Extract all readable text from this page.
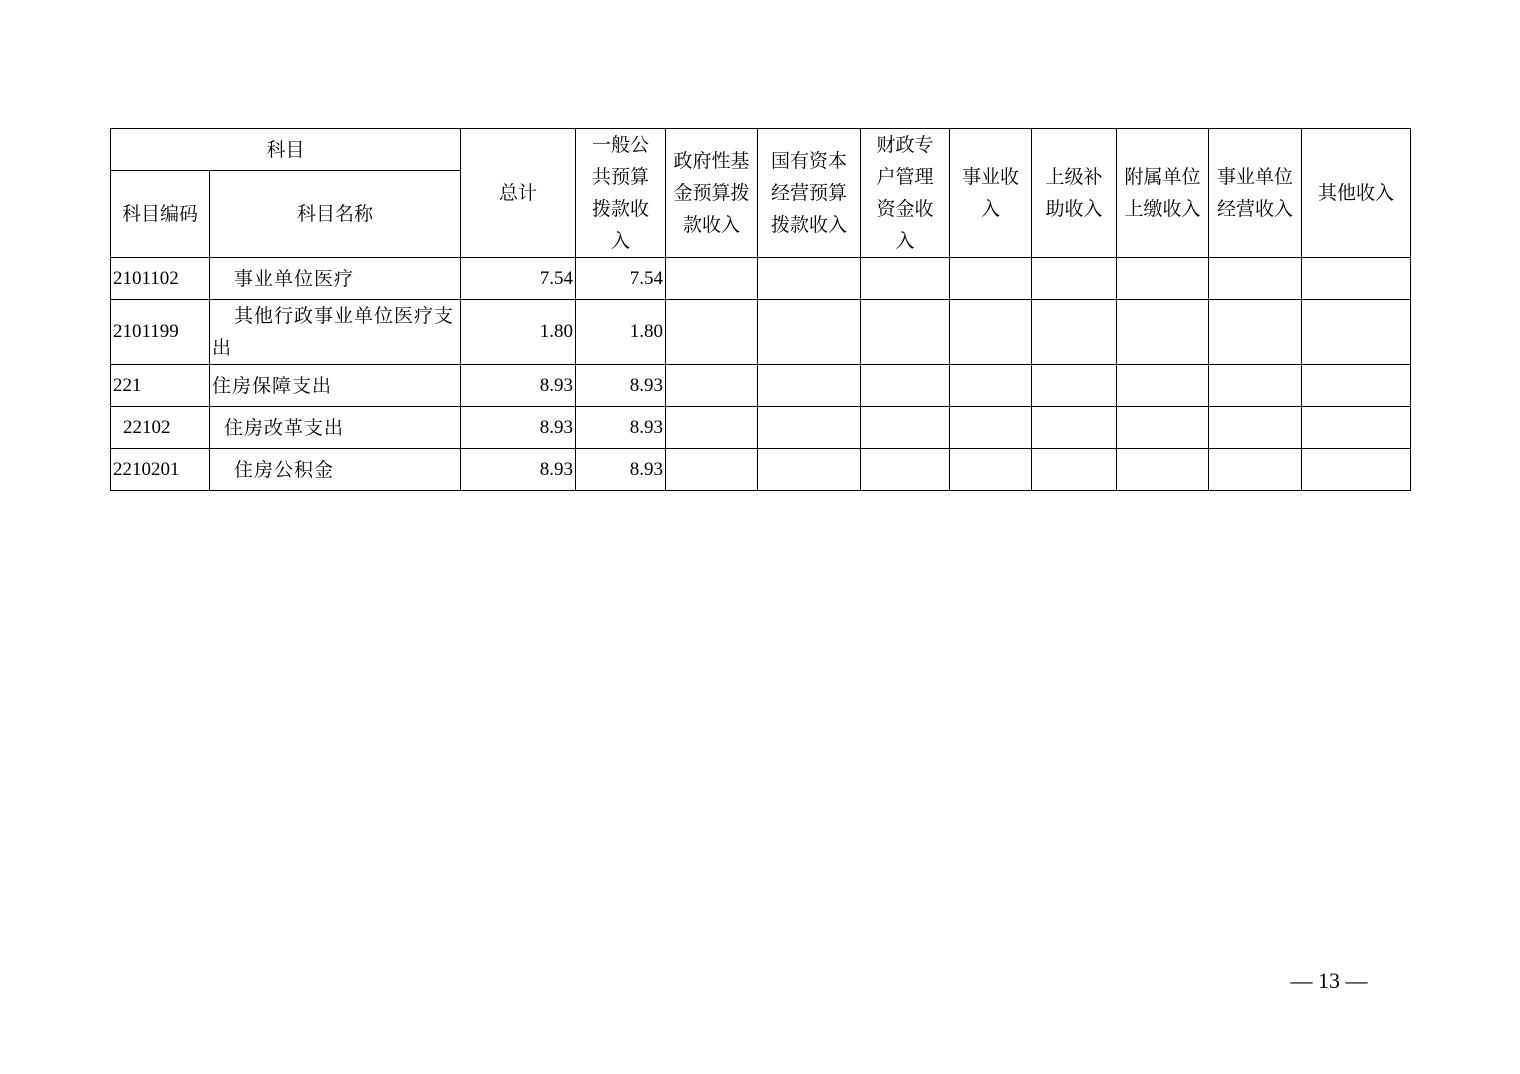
科目		总计	一般公共预算拨款收入	政府性基金预算拨款收入	国有资本经营预算拨款收入	财政专户管理资金收入	事业收入	上级补助收入	附属单位上缴收入	事业单位经营收入	其他收入
科目编码	科目名称										
2101102	事业单位医疗	7.54	7.54								
2101199	其他行政事业单位医疗支出	1.80	1.80								
221	住房保障支出	8.93	8.93								
22102	住房改革支出	8.93	8.93								
2210201	住房公积金	8.93	8.93								
— 13 —
